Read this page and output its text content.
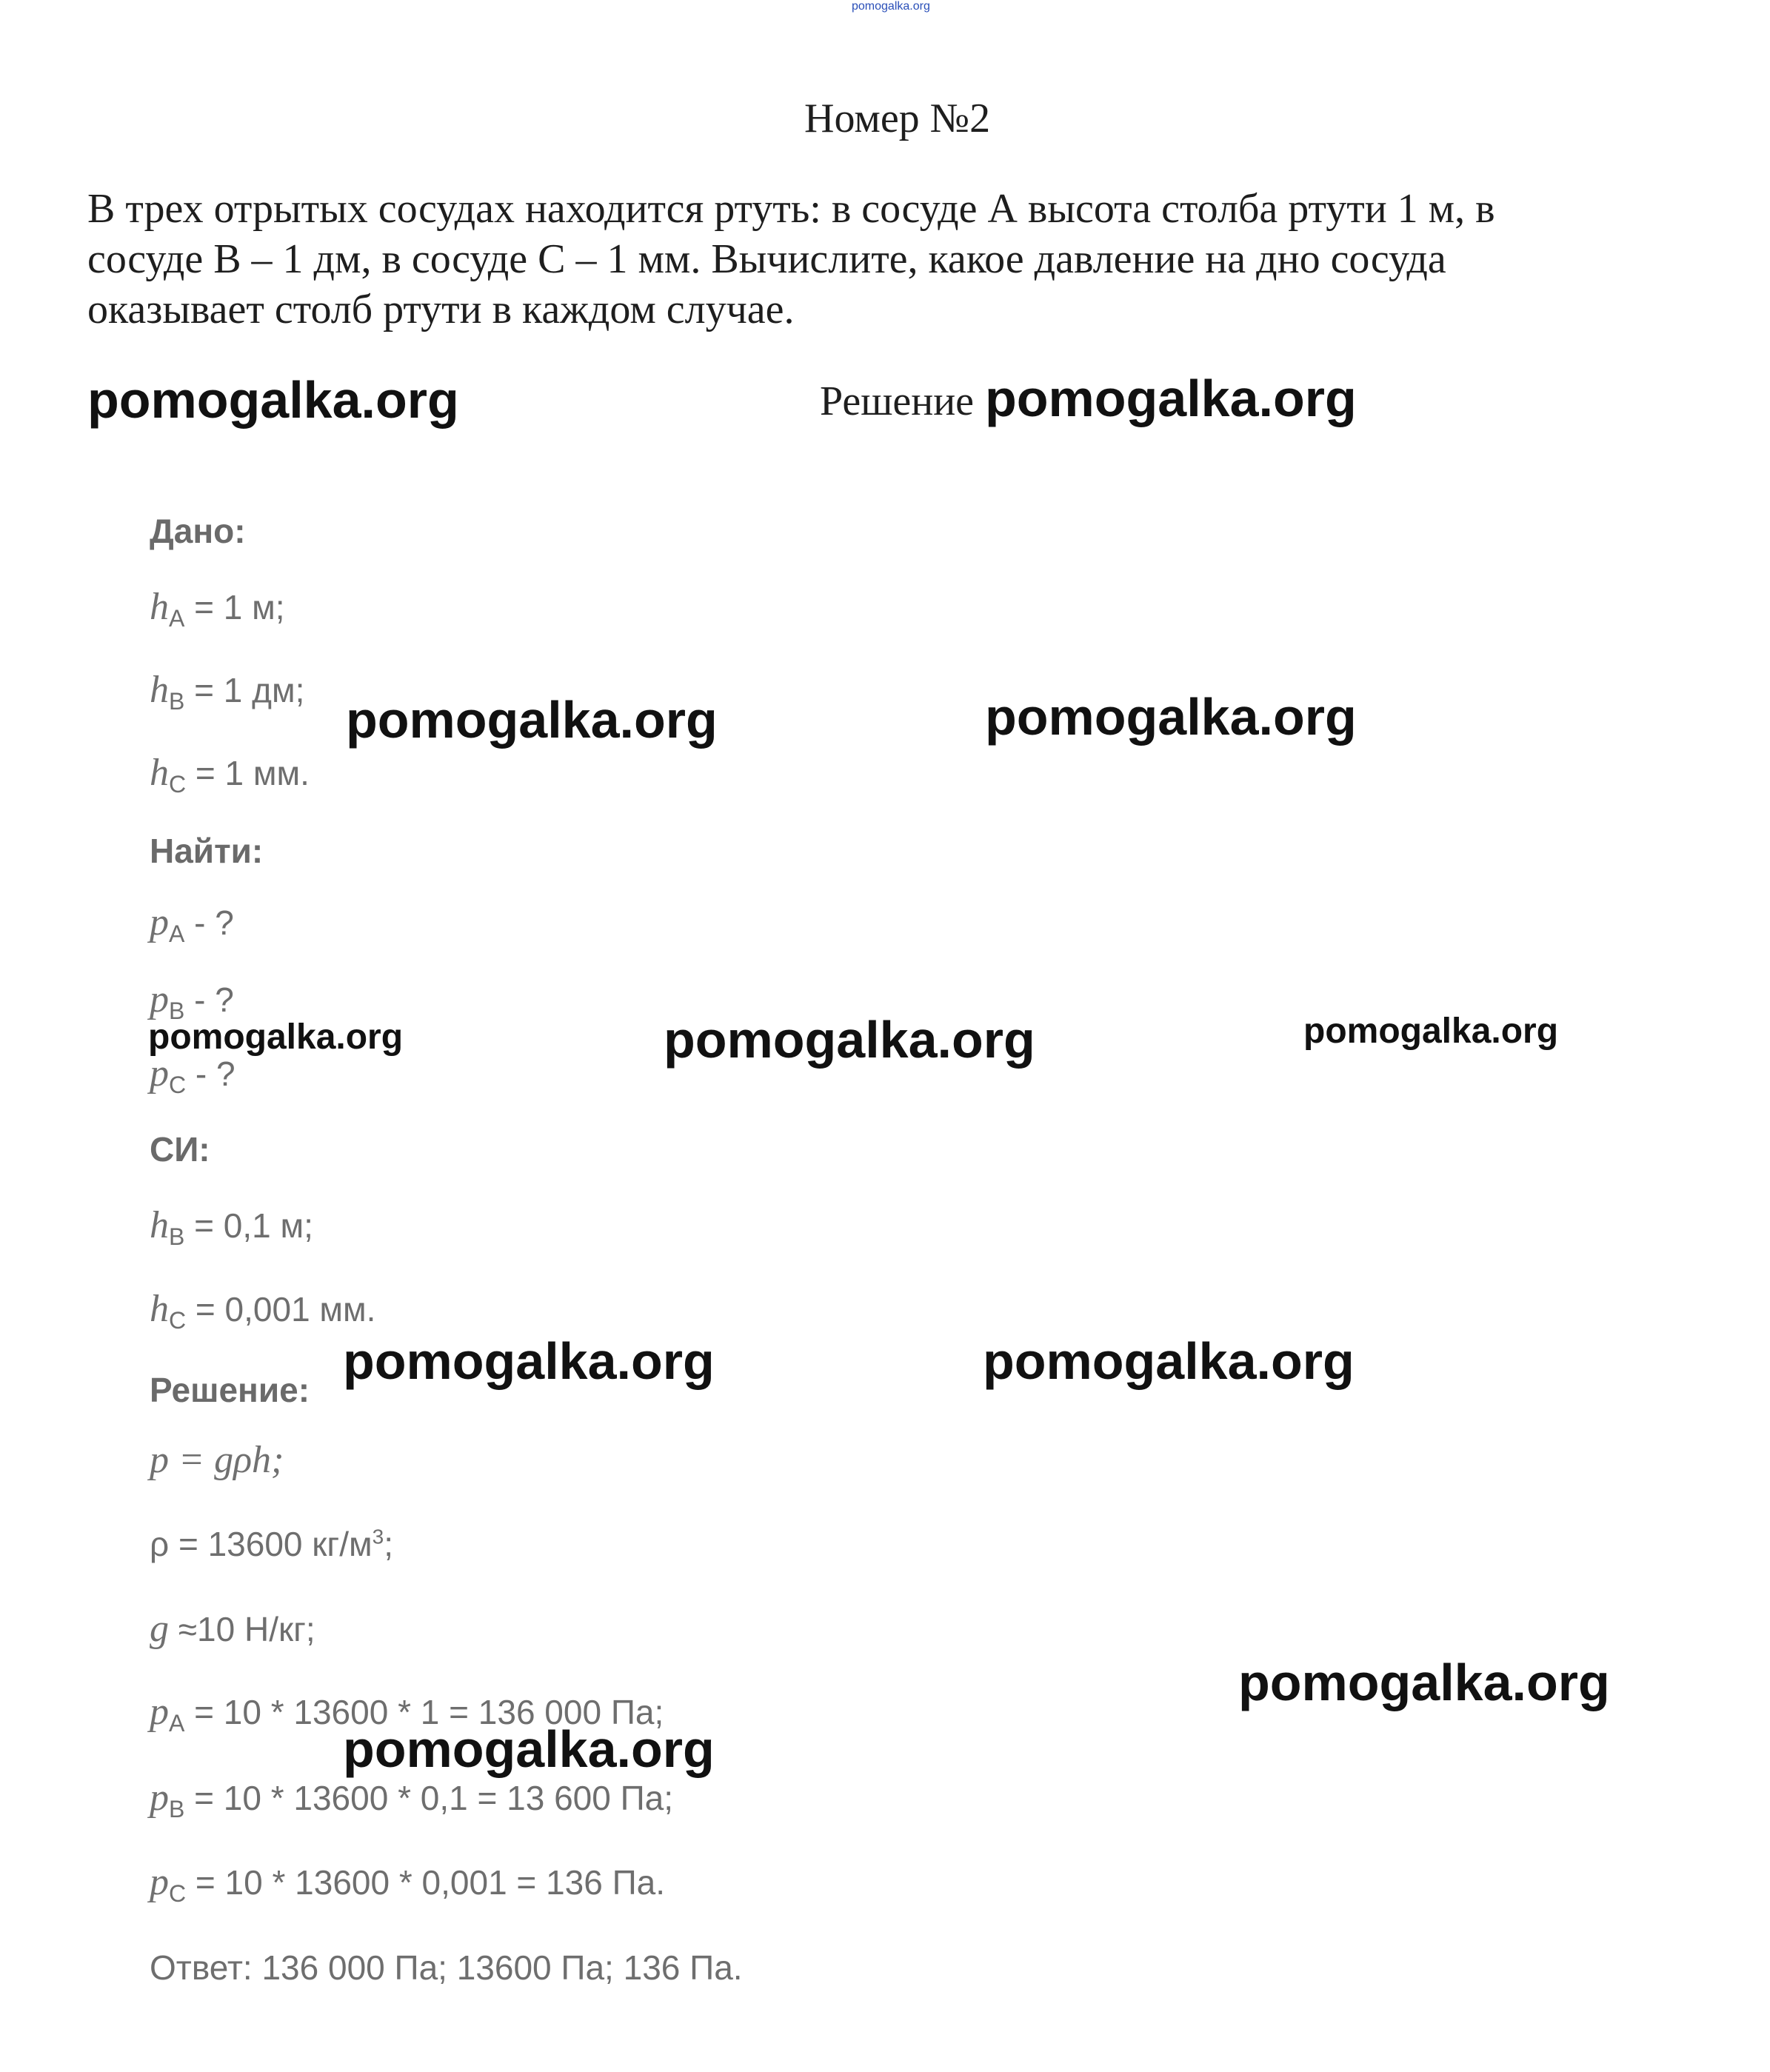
pomogalka.org
Номер №2
В трех отрытых сосудах находится ртуть: в сосуде А высота столба ртути 1 м, в
сосуде В – 1 дм, в сосуде С – 1 мм. Вычислите, какое давление на дно сосуда
оказывает столб ртути в каждом случае.
Решение
pomogalka.org	pomogalka.org
pomogalka.org	pomogalka.org
pomogalka.org	pomogalka.org	pomogalka.org
pomogalka.org	pomogalka.org
pomogalka.org
pomogalka.org
Дано:
$h_A = 1$ м;
$h_B = 1$ дм;
$h_C = 1$ мм.
Найти:
$p_A$ - ?
$p_B$ - ?
$p_C$ - ?
СИ:
$h_B = 0,1$ м;
$h_C = 0,001$ мм.
Решение:
p = gρh;
ρ = 13600 $кг/м^3$;
g ≈10 Н/кг;
$p_A = 10 * 13600 * 1 = 136$ 000 Па;
$p_B = 10 * 13600 * 0,1 = 13$ 600 Па;
$p_C = 10 * 13600 * 0,001 = 136$ Па.
Ответ: 136 000 Па; 13600 Па; 136 Па.
